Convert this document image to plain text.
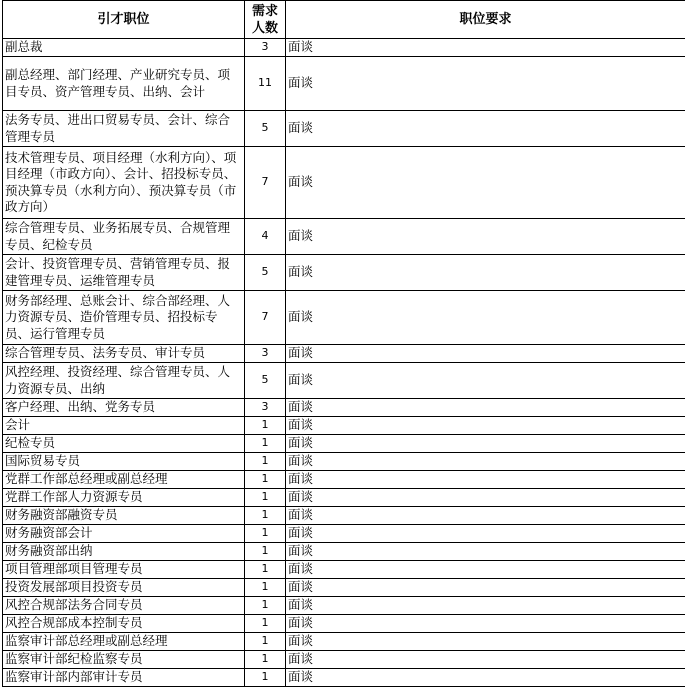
引才职位	需求人数	职位要求
副总裁	3	面谈
副总经理、部门经理、产业研究专员、项目专员、资产管理专员、出纳、会计	11	面谈
法务专员、进出口贸易专员、会计、综合管理专员	5	面谈
技术管理专员、项目经理（水利方向）、项目经理（市政方向）、会计、招投标专员、预决算专员（水利方向）、预决算专员（市政方向）	7	面谈
综合管理专员、业务拓展专员、合规管理专员、纪检专员	4	面谈
会计、投资管理专员、营销管理专员、报建管理专员、运维管理专员	5	面谈
财务部经理、总账会计、综合部经理、人力资源专员、造价管理专员、招投标专员、运行管理专员	7	面谈
综合管理专员、法务专员、审计专员	3	面谈
风控经理、投资经理、综合管理专员、人力资源专员、出纳	5	面谈
客户经理、出纳、党务专员	3	面谈
会计	1	面谈
纪检专员	1	面谈
国际贸易专员	1	面谈
党群工作部总经理或副总经理	1	面谈
党群工作部人力资源专员	1	面谈
财务融资部融资专员	1	面谈
财务融资部会计	1	面谈
财务融资部出纳	1	面谈
项目管理部项目管理专员	1	面谈
投资发展部项目投资专员	1	面谈
风控合规部法务合同专员	1	面谈
风控合规部成本控制专员	1	面谈
监察审计部总经理或副总经理	1	面谈
监察审计部纪检监察专员	1	面谈
监察审计部内部审计专员	1	面谈
